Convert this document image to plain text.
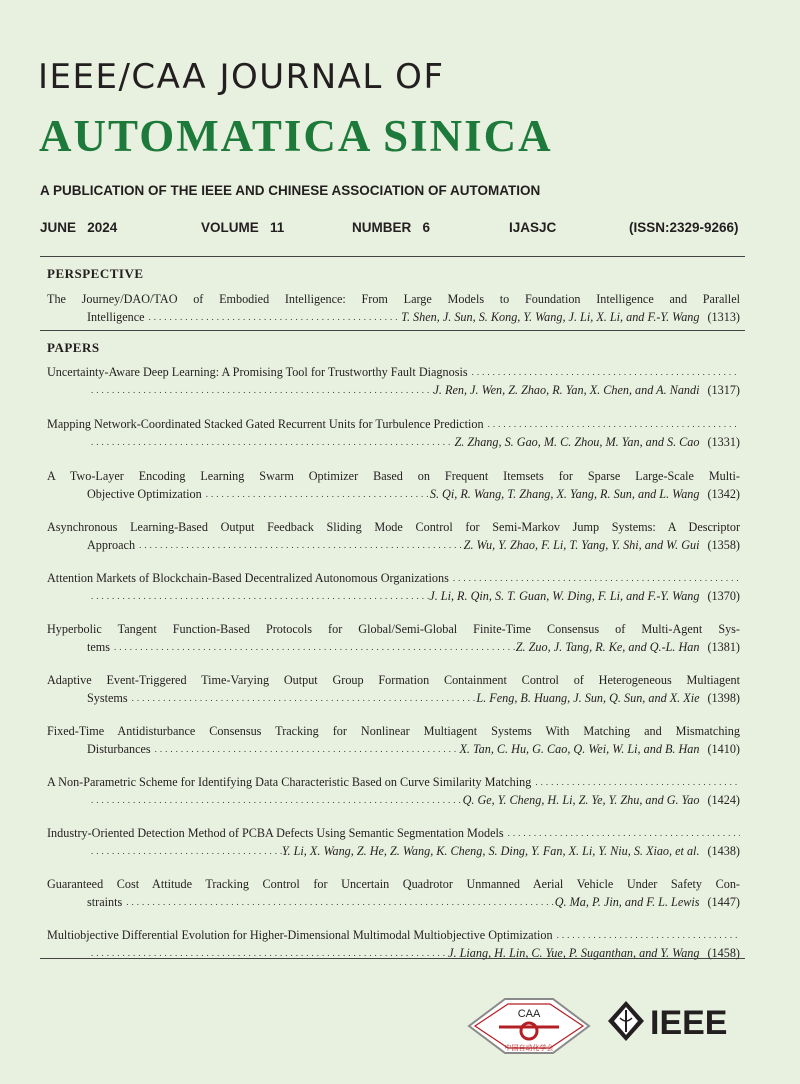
IEEE/CAA JOURNAL OF
AUTOMATICA SINICA
A PUBLICATION OF THE IEEE AND CHINESE ASSOCIATION OF AUTOMATION
JUNE   2024	VOLUME   11	NUMBER   6	IJASJC	(ISSN:2329-9266)
PERSPECTIVE
The Journey/DAO/TAO of Embodied Intelligence: From Large Models to Foundation Intelligence and Parallel
Intelligence .....	T. Shen, J. Sun, S. Kong, Y. Wang, J. Li, X. Li, and F.-Y. Wang (1313)
PAPERS
Uncertainty-Aware Deep Learning: A Promising Tool for Trustworthy Fault Diagnosis
.....
.....
J. Ren, J. Wen, Z. Zhao, R. Yan, X. Chen, and A. Nandi (1317)
Mapping Network-Coordinated Stacked Gated Recurrent Units for Turbulence Prediction
.....
.....
Z. Zhang, S. Gao, M. C. Zhou, M. Yan, and S. Cao (1331)
A Two-Layer Encoding Learning Swarm Optimizer Based on Frequent Itemsets for Sparse Large-Scale Multi-
Objective Optimization .....	S. Qi, R. Wang, T. Zhang, X. Yang, R. Sun, and L. Wang (1342)
Asynchronous Learning-Based Output Feedback Sliding Mode Control for Semi-Markov Jump Systems: A Descriptor
Approach .....	Z. Wu, Y. Zhao, F. Li, T. Yang, Y. Shi, and W. Gui (1358)
Attention Markets of Blockchain-Based Decentralized Autonomous Organizations
.....
.....
J. Li, R. Qin, S. T. Guan, W. Ding, F. Li, and F.-Y. Wang (1370)
Hyperbolic Tangent Function-Based Protocols for Global/Semi-Global Finite-Time Consensus of Multi-Agent Sys-
tems .....	Z. Zuo, J. Tang, R. Ke, and Q.-L. Han (1381)
Adaptive Event-Triggered Time-Varying Output Group Formation Containment Control of Heterogeneous Multiagent
Systems .....	L. Feng, B. Huang, J. Sun, Q. Sun, and X. Xie (1398)
Fixed-Time Antidisturbance Consensus Tracking for Nonlinear Multiagent Systems With Matching and Mismatching
Disturbances .....	X. Tan, C. Hu, G. Cao, Q. Wei, W. Li, and B. Han (1410)
A Non-Parametric Scheme for Identifying Data Characteristic Based on Curve Similarity Matching
.....
.....
Q. Ge, Y. Cheng, H. Li, Z. Ye, Y. Zhu, and G. Yao (1424)
Industry-Oriented Detection Method of PCBA Defects Using Semantic Segmentation Models
.....
.....
Y. Li, X. Wang, Z. He, Z. Wang, K. Cheng, S. Ding, Y. Fan, X. Li, Y. Niu, S. Xiao, et al. (1438)
Guaranteed Cost Attitude Tracking Control for Uncertain Quadrotor Unmanned Aerial Vehicle Under Safety Con-
straints .....	Q. Ma, P. Jin, and F. L. Lewis (1447)
Multiobjective Differential Evolution for Higher-Dimensional Multimodal Multiobjective Optimization
.....
.....
J. Liang, H. Lin, C. Yue, P. Suganthan, and Y. Wang (1458)
CAA
中国自动化学会
IEEE
